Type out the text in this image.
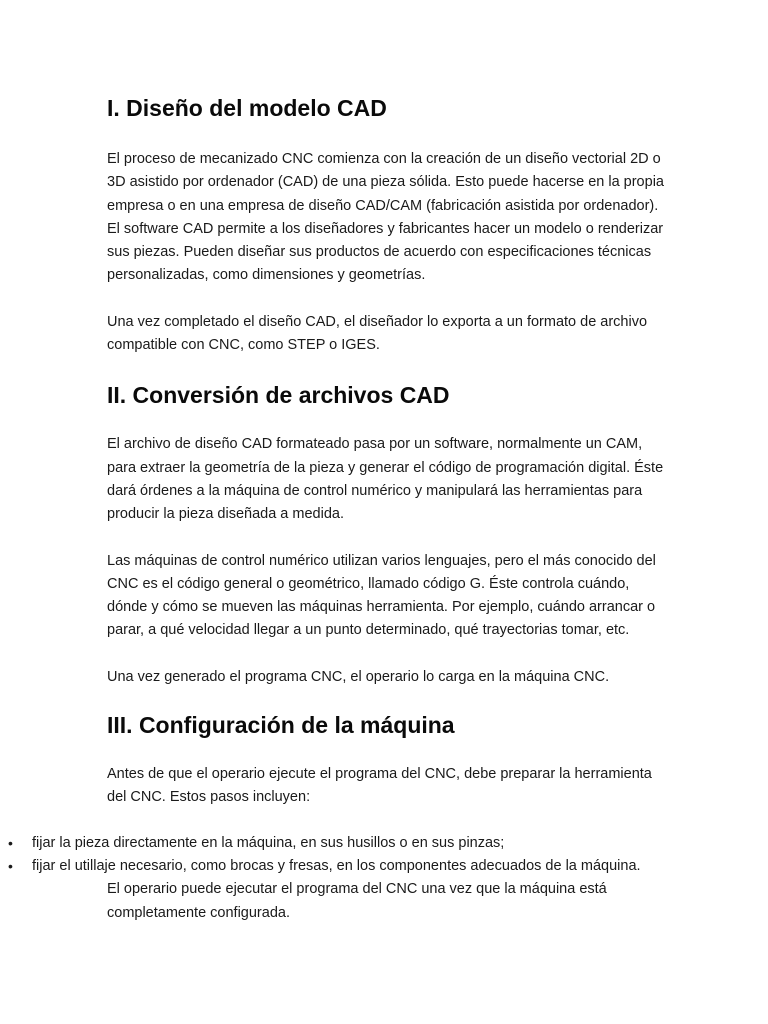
I. Diseño del modelo CAD

El proceso de mecanizado CNC comienza con la creación de un diseño vectorial 2D o 3D asistido por ordenador (CAD) de una pieza sólida. Esto puede hacerse en la propia empresa o en una empresa de diseño CAD/CAM (fabricación asistida por ordenador). El software CAD permite a los diseñadores y fabricantes hacer un modelo o renderizar sus piezas. Pueden diseñar sus productos de acuerdo con especificaciones técnicas personalizadas, como dimensiones y geometrías.

Una vez completado el diseño CAD, el diseñador lo exporta a un formato de archivo compatible con CNC, como STEP o IGES.

II. Conversión de archivos CAD

El archivo de diseño CAD formateado pasa por un software, normalmente un CAM, para extraer la geometría de la pieza y generar el código de programación digital. Éste dará órdenes a la máquina de control numérico y manipulará las herramientas para producir la pieza diseñada a medida.

Las máquinas de control numérico utilizan varios lenguajes, pero el más conocido del CNC es el código general o geométrico, llamado código G. Éste controla cuándo, dónde y cómo se mueven las máquinas herramienta. Por ejemplo, cuándo arrancar o parar, a qué velocidad llegar a un punto determinado, qué trayectorias tomar, etc.

Una vez generado el programa CNC, el operario lo carga en la máquina CNC.

III. Configuración de la máquina

Antes de que el operario ejecute el programa del CNC, debe preparar la herramienta del CNC. Estos pasos incluyen:

• fijar la pieza directamente en la máquina, en sus husillos o en sus pinzas;
• fijar el utillaje necesario, como brocas y fresas, en los componentes adecuados de la máquina.

El operario puede ejecutar el programa del CNC una vez que la máquina está completamente configurada.
